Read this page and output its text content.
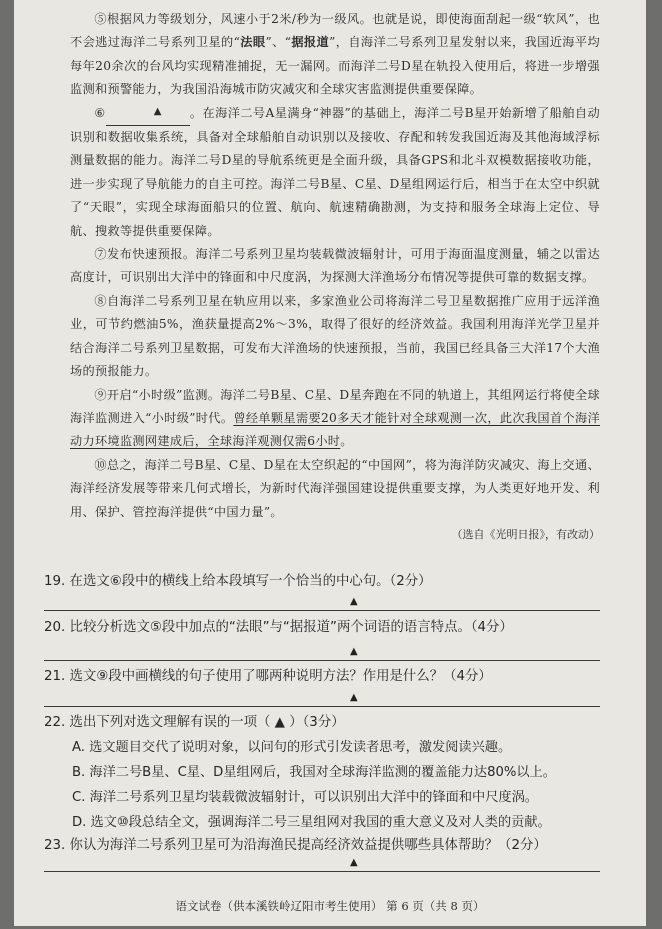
⑤根据风力等级划分，风速小于2米/秒为一级风。也就是说，即使海面刮起一级“软风”，也不会逃过海洋二号系列卫星的“法眼”、“据报道”，自海洋二号系列卫星发射以来，我国近海平均每年20余次的台风均实现精准捕捉，无一漏网。而海洋二号D星在轨投入使用后，将进一步增强监测和预警能力，为我国沿海城市防灾减灾和全球灾害监测提供重要保障。

⑥	▲ 。在海洋二号A星满身“神器”的基础上，海洋二号B星开始新增了船舶自动识别和数据收集系统，具备对全球船舶自动识别以及接收、存配和转发我国近海及其他海域浮标测量数据的能力。海洋二号D星的导航系统更是全面升级，具备GPS和北斗双模数据接收功能，进一步实现了导航能力的自主可控。海洋二号B星、C星、D星组网运行后，相当于在太空中织就了“天眼”，实现全球海面船只的位置、航向、航速精确勘测，为支持和服务全球海上定位、导航、搜救等提供重要保障。

⑦发布快速预报。海洋二号系列卫星均装载微波辐射计，可用于海面温度测量，辅之以雷达高度计，可识别出大洋中的锋面和中尺度涡，为探测大洋渔场分布情况等提供可靠的数据支撑。

⑧自海洋二号系列卫星在轨应用以来，多家渔业公司将海洋二号卫星数据推广应用于远洋渔业，可节约燃油5%，渔获量提高2%～3%，取得了很好的经济效益。我国利用海洋光学卫星并结合海洋二号系列卫星数据，可发布大洋渔场的快速预报，当前，我国已经具备三大洋17个大渔场的预报能力。

⑨开启“小时级”监测。海洋二号B星、C星、D星奔跑在不同的轨道上，其组网运行将使全球海洋监测进入“小时级”时代。曾经单颗星需要20多天才能针对全球观测一次，此次我国首个海洋动力环境监测网建成后，全球海洋观测仅需6小时。

⑩总之，海洋二号B星、C星、D星在太空织起的“中国网”，将为海洋防灾减灾、海上交通、海洋经济发展等带来几何式增长，为新时代海洋强国建设提供重要支撑，为人类更好地开发、利用、保护、管控海洋提供“中国力量”。

（选自《光明日报》，有改动）
19. 在选文⑥段中的横线上给本段填写一个恰当的中心句。（2分）
▲
20. 比较分析选文⑤段中加点的“法眼”与“据报道”两个词语的语言特点。（4分）
▲
21. 选文⑨段中画横线的句子使用了哪两种说明方法？作用是什么？（4分）
▲
22. 选出下列对选文理解有误的一项（ ▲ ）（3分）
A. 选文题目交代了说明对象，以问句的形式引发读者思考，激发阅读兴趣。
B. 海洋二号B星、C星、D星组网后，我国对全球海洋监测的覆盖能力达80%以上。
C. 海洋二号系列卫星均装载微波辐射计，可以识别出大洋中的锋面和中尺度涡。
D. 选文⑩段总结全文，强调海洋二号三星组网对我国的重大意义及对人类的贡献。
23. 你认为海洋二号系列卫星可为沿海渔民提高经济效益提供哪些具体帮助？（2分）
▲
语文试卷（供本溪铁岭辽阳市考生使用） 第 6 页（共 8 页）
